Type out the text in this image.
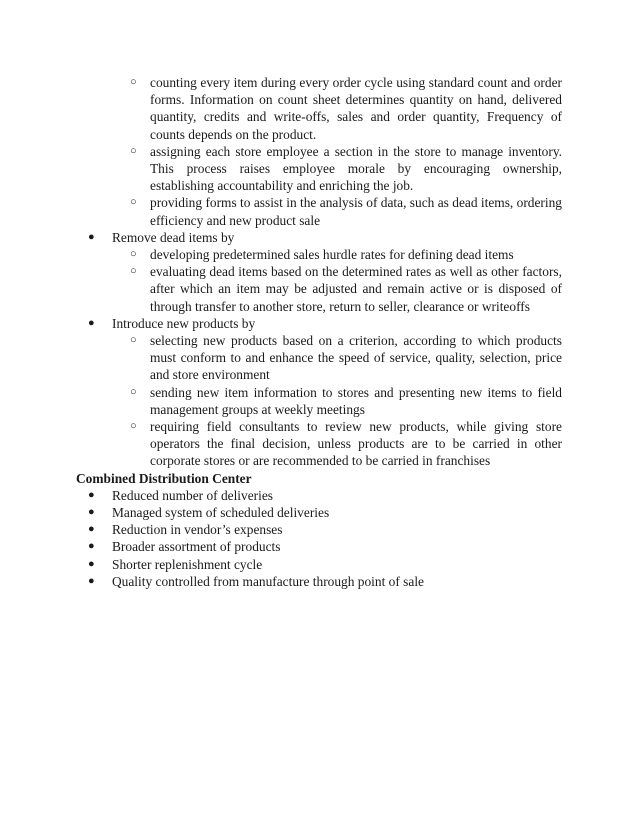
○ counting every item during every order cycle using standard count and order forms. Information on count sheet determines quantity on hand, delivered quantity, credits and write-offs, sales and order quantity, Frequency of counts depends on the product.
○ assigning each store employee a section in the store to manage inventory. This process raises employee morale by encouraging ownership, establishing accountability and enriching the job.
○ providing forms to assist in the analysis of data, such as dead items, ordering efficiency and new product sale
● Remove dead items by
○ developing predetermined sales hurdle rates for defining dead items
○ evaluating dead items based on the determined rates as well as other factors, after which an item may be adjusted and remain active or is disposed of through transfer to another store, return to seller, clearance or writeoffs
● Introduce new products by
○ selecting new products based on a criterion, according to which products must conform to and enhance the speed of service, quality, selection, price and store environment
○ sending new item information to stores and presenting new items to field management groups at weekly meetings
○ requiring field consultants to review new products, while giving store operators the final decision, unless products are to be carried in other corporate stores or are recommended to be carried in franchises
Combined Distribution Center
● Reduced number of deliveries
● Managed system of scheduled deliveries
● Reduction in vendor’s expenses
● Broader assortment of products
● Shorter replenishment cycle
● Quality controlled from manufacture through point of sale
